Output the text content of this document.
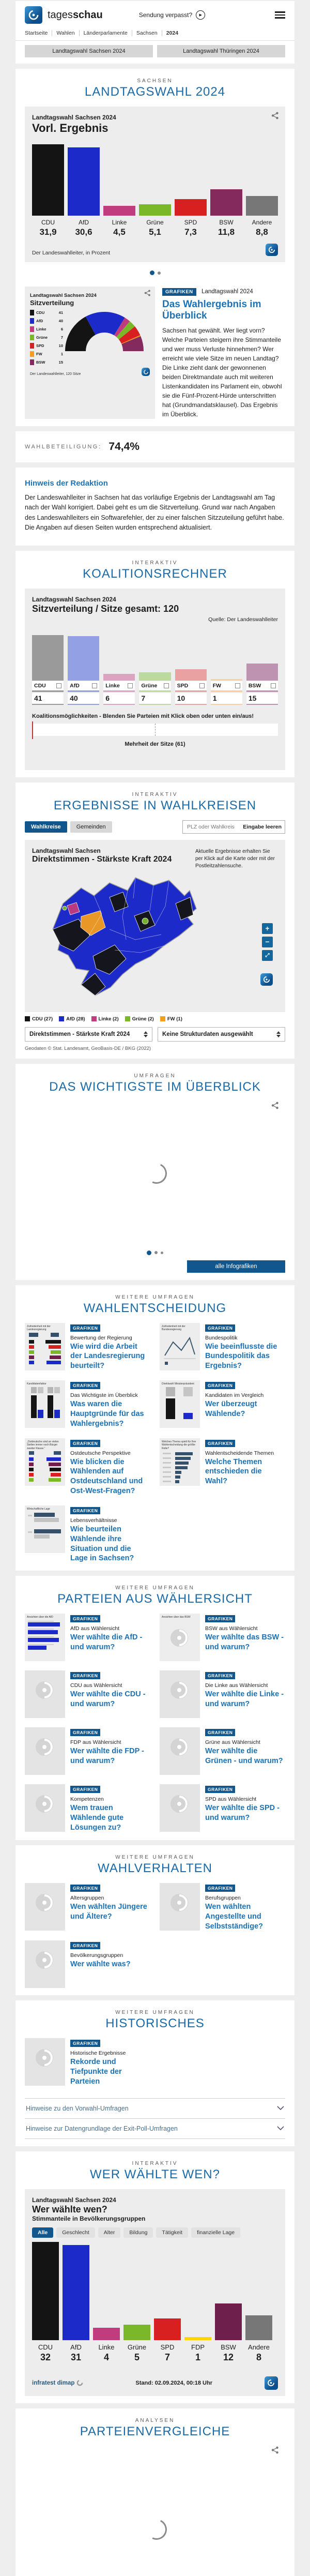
tagesschau	Sendung verpasst?	▶
Startseite	Wahlen	Länderparlamente	Sachsen	2024
Landtagswahl Sachsen 2024	Landtagswahl Thüringen 2024
SACHSEN
LANDTAGSWAHL 2024
Landtagswahl Sachsen 2024
Vorl. Ergebnis
CDU
31,9
AfD
30,6
Linke
4,5
Grüne
5,1
SPD
7,3
BSW
11,8
Andere
8,8
Der Landeswahlleiter, in Prozent
Landtagswahl Sachsen 2024
Sitzverteilung
CDU	41
AfD	40
Linke	6
Grüne	7
SPD	10
FW	1
BSW	15
Der Landeswahlleiter, 120 Sitze
GRAFIKEN Landtagswahl 2024
Das Wahlergebnis im Überblick
Sachsen hat gewählt. Wer liegt vorn? Welche Parteien steigern ihre Stimmanteile und wer muss Verluste hinnehmen? Wer erreicht wie viele Sitze im neuen Landtag? Die Linke zieht dank der gewonnenen beiden Direktmandate auch mit weiteren Listenkandidaten ins Parlament ein, obwohl sie die Fünf-Prozent-Hürde unterschritten hat (Grundmandatsklausel). Das Ergebnis im Überblick.
WAHLBETEILIGUNG: 74,4%
Hinweis der Redaktion
Der Landeswahlleiter in Sachsen hat das vorläufige Ergebnis der Landtagswahl am Tag nach der Wahl korrigiert. Dabei geht es um die Sitzverteilung. Grund war nach Angaben des Landeswahlleiters ein Softwarefehler, der zu einer falschen Sitzzuteilung geführt habe. Die Angaben auf diesen Seiten wurden entsprechend aktualisiert.
INTERAKTIV
KOALITIONSRECHNER
Landtagswahl Sachsen 2024
Sitzverteilung / Sitze gesamt: 120
Quelle: Der Landeswahlleiter
CDU
41
AfD
40
Linke
6
Grüne
7
SPD
10
FW
1
BSW
15
Koalitionsmöglichkeiten - Blenden Sie Parteien mit Klick oben oder unten ein/aus!
Mehrheit der Sitze (61)
INTERAKTIV
ERGEBNISSE IN WAHLKREISEN
Wahlkreise	Gemeinden
PLZ oder Wahlkreis	Eingabe leeren
Landtagswahl Sachsen
Direktstimmen - Stärkste Kraft 2024
Aktuelle Ergebnisse erhalten Sie per Klick auf die Karte oder mit der Postleitzahlensuche.
+
−
⤢
CDU (27)	AfD (28)	Linke (2)	Grüne (2)	FW (1)
Direktstimmen - Stärkste Kraft 2024	Keine Strukturdaten ausgewählt
Geodaten © Stat. Landesamt, GeoBasis-DE / BKG (2022)
UMFRAGEN
DAS WICHTIGSTE IM ÜBERBLICK
alle Infografiken
WEITERE UMFRAGEN
WAHLENTSCHEIDUNG
Zufriedenheit mit der Landesregierung	GRAFIKEN
Bewertung der Regierung
Wie wird die Arbeit der Landesregierung beurteilt?
Zufriedenheit mit der Bundesregierung	GRAFIKEN
Bundespolitik
Wie beeinflusste die Bundespolitik das Ergebnis?
Kandidatenfaktor	GRAFIKEN
Das Wichtigste im Überblick
Was waren die Hauptgründe für das Wahlergebnis?
Direktwahl Ministerpräsident	GRAFIKEN
Kandidaten im Vergleich
Wer überzeugt Wählende?
„Ostdeutsche sind an vielen Stellen immer noch Bürger zweiter Klasse.“
GRAFIKEN
Ostdeutsche Perspektive
Wie blicken die Wählenden auf Ostdeutschland und Ost-West-Fragen?
Welches Thema spielt für Ihre Wahlentscheidung die größte Rolle?
GRAFIKEN
Wahlentscheidende Themen
Welche Themen entschieden die Wahl?
Wirtschaftliche Lage	GRAFIKEN
Lebensverhältnisse
Wie beurteilen Wählende ihre Situation und die Lage in Sachsen?
WEITERE UMFRAGEN
PARTEIEN AUS WÄHLERSICHT
Ansichten über die AfD	GRAFIKEN
AfD aus Wählersicht
Wer wählte die AfD - und warum?
Ansichten über das BSW	GRAFIKEN
BSW aus Wählersicht
Wer wählte das BSW - und warum?
GRAFIKEN
CDU aus Wählersicht
Wer wählte die CDU - und warum?
GRAFIKEN
Die Linke aus Wählersicht
Wer wählte die Linke - und warum?
GRAFIKEN
FDP aus Wählersicht
Wer wählte die FDP - und warum?
GRAFIKEN
Grüne aus Wählersicht
Wer wählte die Grünen - und warum?
GRAFIKEN
Kompetenzen
Wem trauen Wählende gute Lösungen zu?
GRAFIKEN
SPD aus Wählersicht
Wer wählte die SPD - und warum?
WEITERE UMFRAGEN
WAHLVERHALTEN
GRAFIKEN
Altersgruppen
Wen wählten Jüngere und Ältere?
GRAFIKEN
Berufsgruppen
Wen wählten Angestellte und Selbstständige?
GRAFIKEN
Bevölkerungsgruppen
Wer wählte was?
WEITERE UMFRAGEN
HISTORISCHES
GRAFIKEN
Historische Ergebnisse
Rekorde und Tiefpunkte der Parteien
Hinweise zu den Vorwahl-Umfragen
Hinweise zur Datengrundlage der Exit-Poll-Umfragen
INTERAKTIV
WER WÄHLTE WEN?
Landtagswahl Sachsen 2024
Wer wählte wen?
Stimmanteile in Bevölkerungsgruppen
Alle	Geschlecht	Alter	Bildung	Tätigkeit	finanzielle Lage
CDU
32
AfD
31
Linke
4
Grüne
5
SPD
7
FDP
1
BSW
12
Andere
8
infratest dimap	Stand: 02.09.2024, 00:18 Uhr
ANALYSEN
PARTEIENVERGLEICHE
